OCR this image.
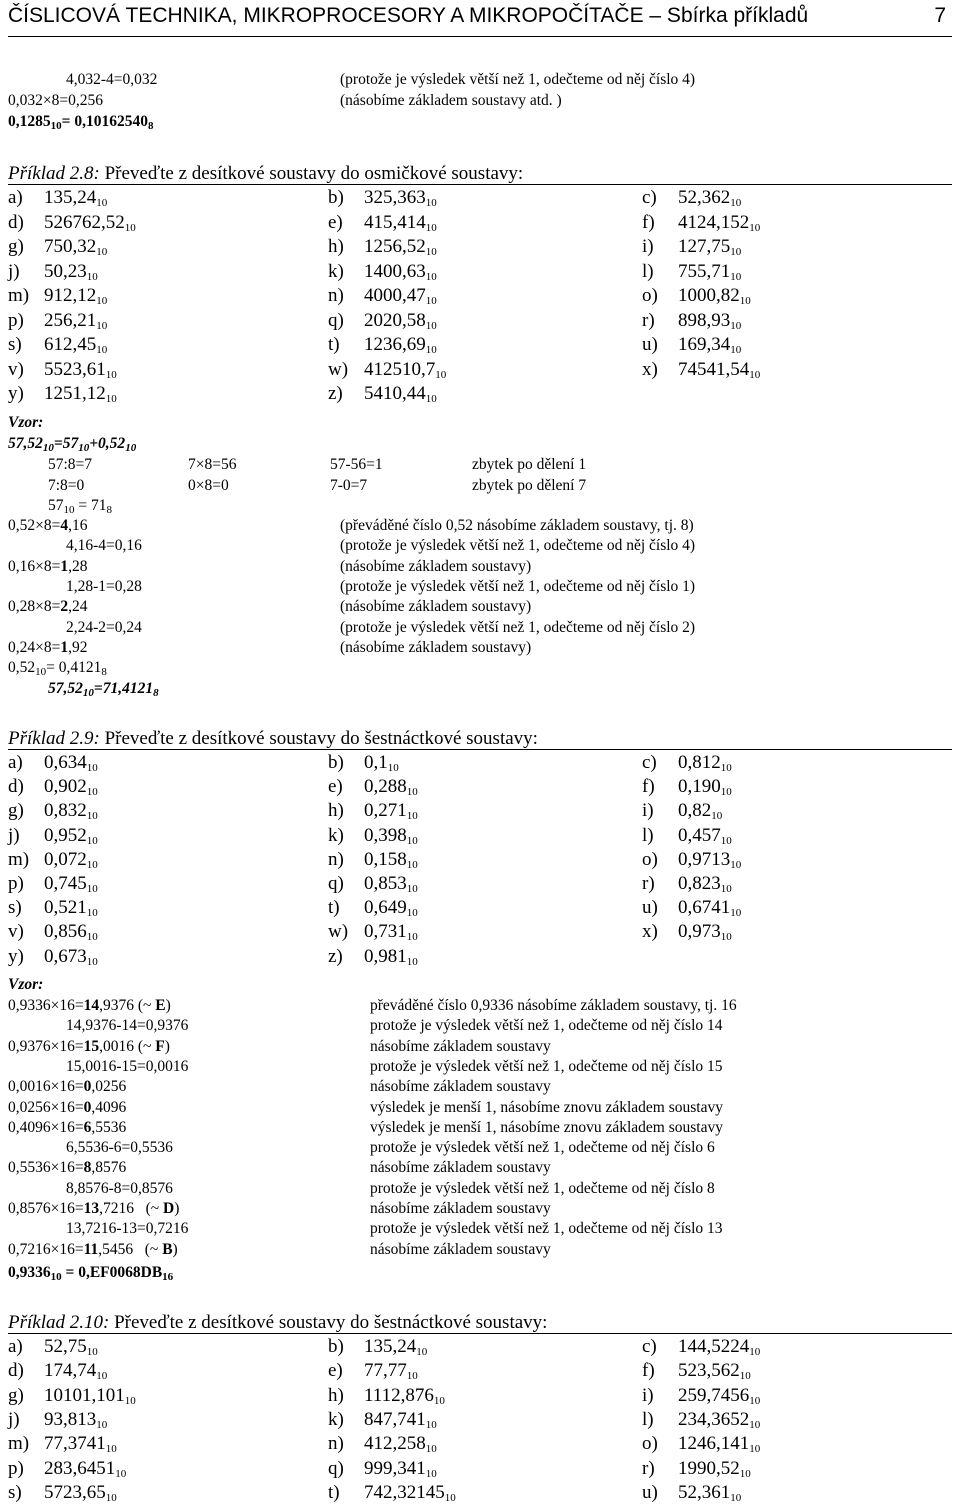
ČÍSLICOVÁ TECHNIKA, MIKROPROCESORY A MIKROPOČÍTAČE – Sbírka příkladů	7
4,032-4=0,032	(protože je výsledek větší než 1, odečteme od něj číslo 4)
0,032×8=0,256	(násobíme základem soustavy atd. )
$0,1285_{10}= 0,10162540_8$
Příklad 2.8: Převeďte z desítkové soustavy do osmičkové soustavy:
a) $135,24_{10}$	b) $325,363_{10}$	c) $52,362_{10}$
d) $526762,52_{10}$	e) $415,414_{10}$	f) $4124,152_{10}$
g) $750,32_{10}$	h) $1256,52_{10}$	i) $127,75_{10}$
j) $50,23_{10}$	k) $1400,63_{10}$	l) $755,71_{10}$
m) $912,12_{10}$	n) $4000,47_{10}$	o) $1000,82_{10}$
p) $256,21_{10}$	q) $2020,58_{10}$	r) $898,93_{10}$
s) $612,45_{10}$	t) $1236,69_{10}$	u) $169,34_{10}$
v) $5523,61_{10}$	w) $412510,7_{10}$	x) $74541,54_{10}$
y) $1251,12_{10}$	z) $5410,44_{10}$
Vzor:
$57,52_{10}=57_{10}+0,52_{10}$
57:8=7	7×8=56	57-56=1	zbytek po dělení 1
7:8=0	0×8=0	7-0=7	zbytek po dělení 7
$57_{10} = 71_8$
0,52×8=4,16	(převáděné číslo 0,52 násobíme základem soustavy, tj. 8)
4,16-4=0,16	(protože je výsledek větší než 1, odečteme od něj číslo 4)
0,16×8=1,28	(násobíme základem soustavy)
1,28-1=0,28	(protože je výsledek větší než 1, odečteme od něj číslo 1)
0,28×8=2,24	(násobíme základem soustavy)
2,24-2=0,24	(protože je výsledek větší než 1, odečteme od něj číslo 2)
0,24×8=1,92	(násobíme základem soustavy)
$0,52_{10}= 0,4121_8$
$57,52_{10}=71,4121_8$
Příklad 2.9: Převeďte z desítkové soustavy do šestnáctkové soustavy:
a) $0,634_{10}$	b) $0,1_{10}$	c) $0,812_{10}$
d) $0,902_{10}$	e) $0,288_{10}$	f) $0,190_{10}$
g) $0,832_{10}$	h) $0,271_{10}$	i) $0,82_{10}$
j) $0,952_{10}$	k) $0,398_{10}$	l) $0,457_{10}$
m) $0,072_{10}$	n) $0,158_{10}$	o) $0,9713_{10}$
p) $0,745_{10}$	q) $0,853_{10}$	r) $0,823_{10}$
s) $0,521_{10}$	t) $0,649_{10}$	u) $0,6741_{10}$
v) $0,856_{10}$	w) $0,731_{10}$	x) $0,973_{10}$
y) $0,673_{10}$	z) $0,981_{10}$
Vzor:
0,9336×16=14,9376 (~ E)	převáděné číslo 0,9336 násobíme základem soustavy, tj. 16
14,9376-14=0,9376	protože je výsledek větší než 1, odečteme od něj číslo 14
0,9376×16=15,0016 (~ F)	násobíme základem soustavy
15,0016-15=0,0016	protože je výsledek větší než 1, odečteme od něj číslo 15
0,0016×16=0,0256	násobíme základem soustavy
0,0256×16=0,4096	výsledek je menší 1, násobíme znovu základem soustavy
0,4096×16=6,5536	výsledek je menší 1, násobíme znovu základem soustavy
6,5536-6=0,5536	protože je výsledek větší než 1, odečteme od něj číslo 6
0,5536×16=8,8576	násobíme základem soustavy
8,8576-8=0,8576	protože je výsledek větší než 1, odečteme od něj číslo 8
0,8576×16=13,7216   (~ D)	násobíme základem soustavy
13,7216-13=0,7216	protože je výsledek větší než 1, odečteme od něj číslo 13
0,7216×16=11,5456   (~ B)	násobíme základem soustavy
$0,9336_{10} = 0,EF0068DB_{16}$
Příklad 2.10: Převeďte z desítkové soustavy do šestnáctkové soustavy:
a) $52,75_{10}$	b) $135,24_{10}$	c) $144,5224_{10}$
d) $174,74_{10}$	e) $77,77_{10}$	f) $523,562_{10}$
g) $10101,101_{10}$	h) $1112,876_{10}$	i) $259,7456_{10}$
j) $93,813_{10}$	k) $847,741_{10}$	l) $234,3652_{10}$
m) $77,3741_{10}$	n) $412,258_{10}$	o) $1246,141_{10}$
p) $283,6451_{10}$	q) $999,341_{10}$	r) $1990,52_{10}$
s) $5723,65_{10}$	t) $742,32145_{10}$	u) $52,361_{10}$
